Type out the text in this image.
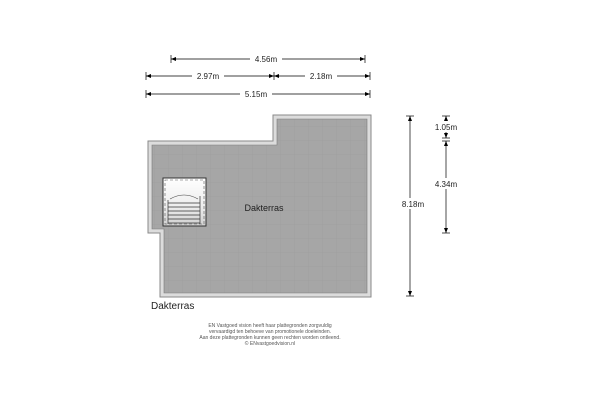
Dakterras
4.56m
2.97m	2.18m
5.15m
8.18m
1.05m
4.34m
Dakterras
EN Vastgoed vision heeft haar plattegronden zorgvuldig
vervaardigd ten behoeve van promotionele doeleinden.
Aan deze plattegronden kunnen geen rechten worden ontleend.
© ENvastgoedvision.nl
